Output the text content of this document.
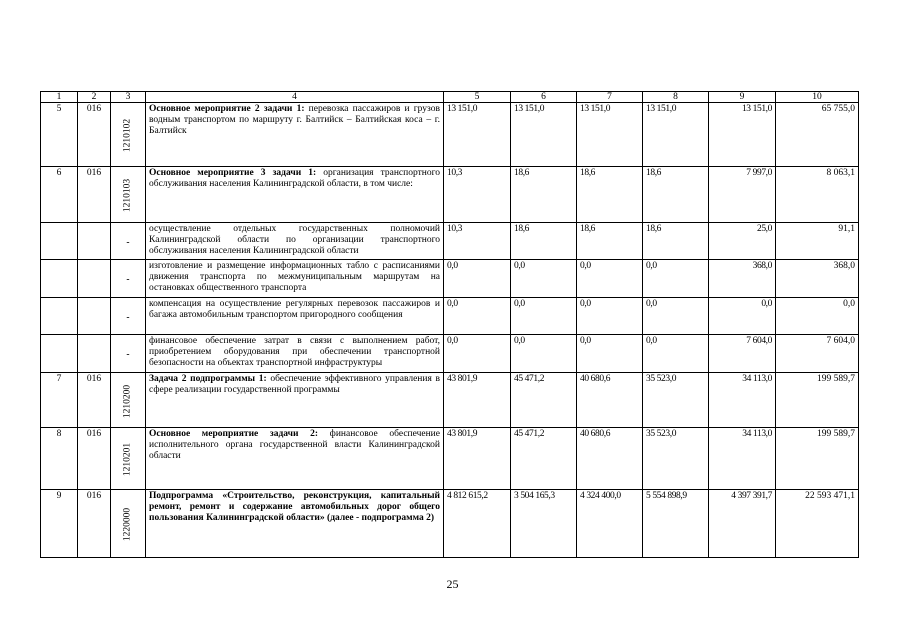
1	2	3	4	5	6	7	8	9	10
5	016	1210102	Основное мероприятие 2 задачи 1: перевозка пассажиров и грузов водным транспортом по маршруту г. Балтийск – Балтийская коса – г. Балтийск	13 151,0	13 151,0	13 151,0	13 151,0	13 151,0	65 755,0
6	016	1210103	Основное мероприятие 3 задачи 1: организация транспортного обслуживания населения Калининградской области, в том числе:	10,3	18,6	18,6	18,6	7 997,0	8 063,1

		-	осуществление отдельных государственных полномочий Калининградской области по организации транспортного обслуживания населения Калининградской области	10,3	18,6	18,6	18,6	25,0	91,1

		-	изготовление и размещение информационных табло с расписаниями движения транспорта по межмуниципальным маршрутам на остановках общественного транспорта	0,0	0,0	0,0	0,0	368,0	368,0

		-	компенсация на осуществление регулярных перевозок пассажиров и багажа автомобильным транспортом пригородного сообщения	0,0	0,0	0,0	0,0	0,0	0,0

		-	финансовое обеспечение затрат в связи с выполнением работ, приобретением оборудования при обеспечении транспортной безопасности на объектах транспортной инфраструктуры	0,0	0,0	0,0	0,0	7 604,0	7 604,0
7	016	1210200	Задача 2 подпрограммы 1: обеспечение эффективного управления в сфере реализации государственной программы	43 801,9	45 471,2	40 680,6	35 523,0	34 113,0	199 589,7
8	016	1210201	Основное мероприятие задачи 2: финансовое обеспечение исполнительного органа государственной власти Калининградской области	43 801,9	45 471,2	40 680,6	35 523,0	34 113,0	199 589,7
9	016	1220000	Подпрограмма «Строительство, реконструкция, капитальный ремонт, ремонт и содержание автомобильных дорог общего пользования Калининградской области» (далее - подпрограмма 2)	4 812 615,2	3 504 165,3	4 324 400,0	5 554 898,9	4 397 391,7	22 593 471,1
25
